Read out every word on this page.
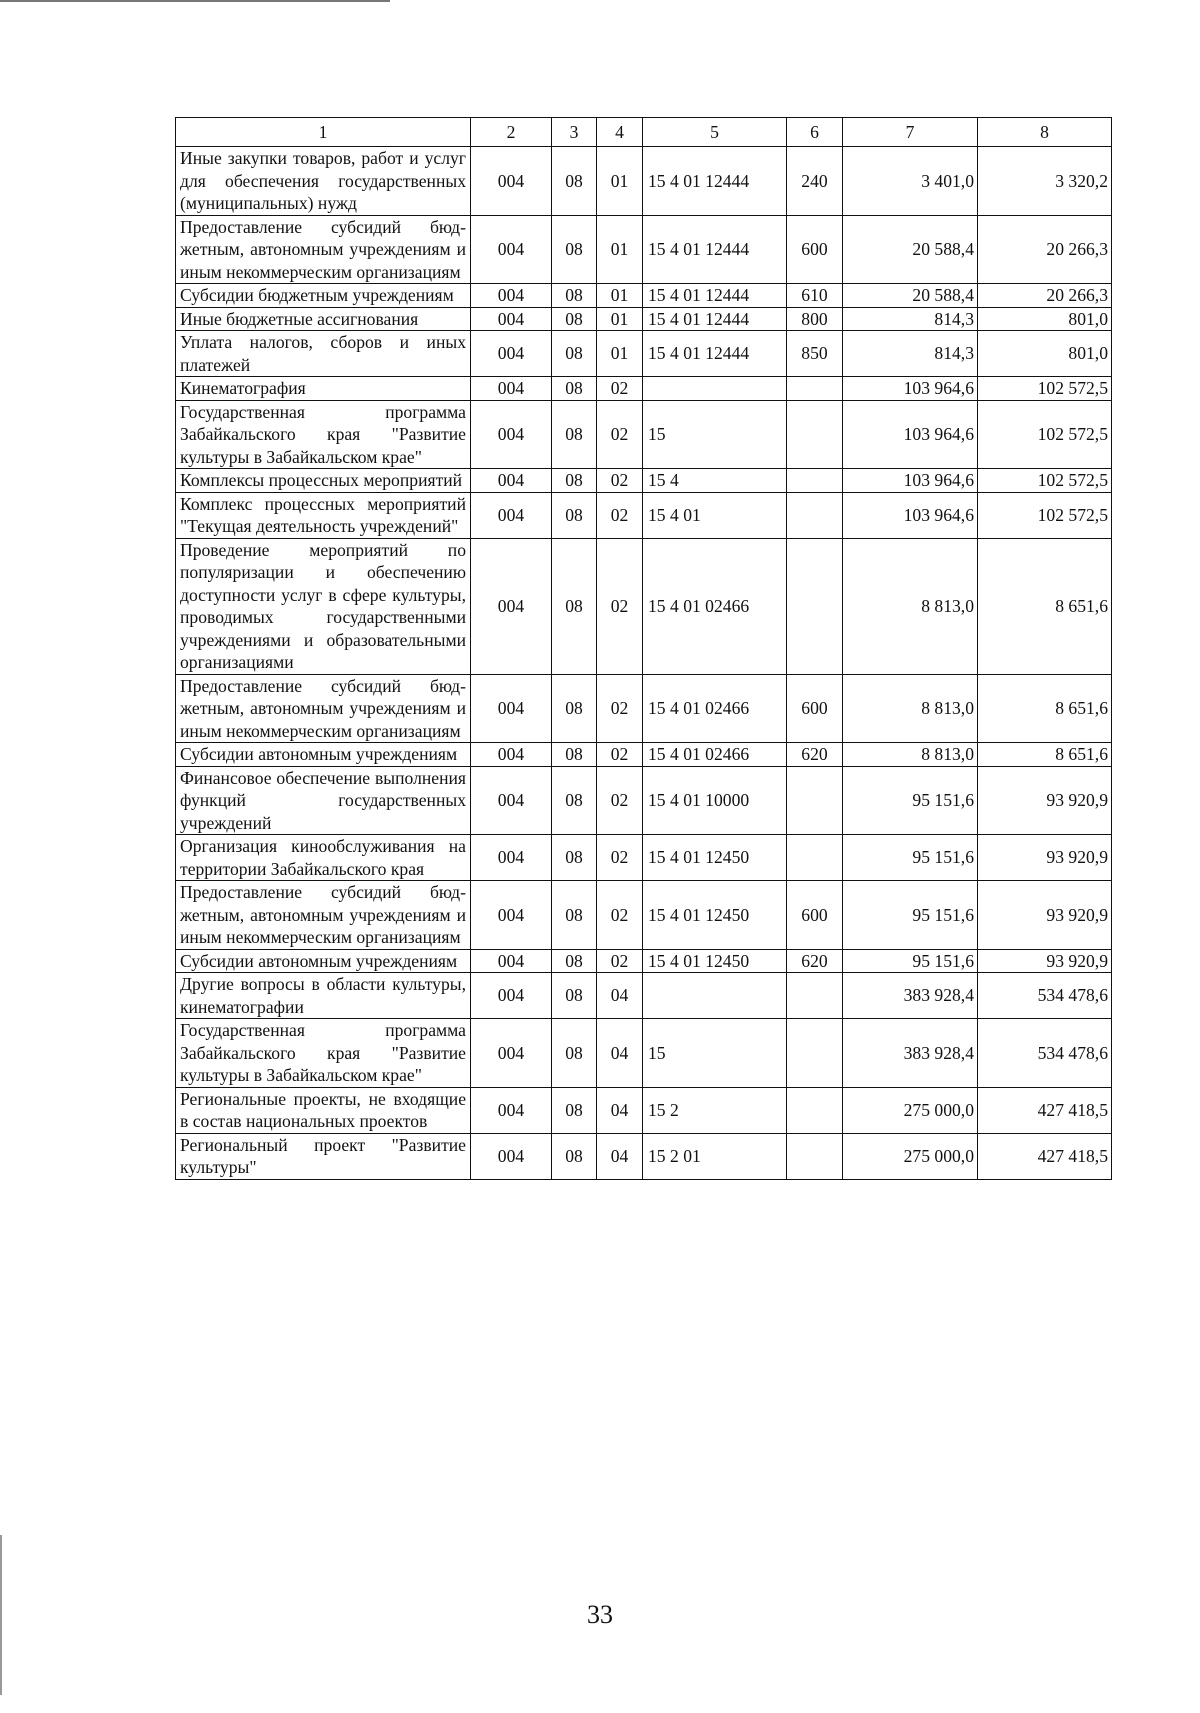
1	2	3	4	5	6	7	8
Иные закупки товаров, работ и услуг для обеспечения государственных (муниципальных) нужд	004	08	01	15 4 01 12444	240	3 401,0	3 320,2
Предоставление субсидий бюджетным, автономным учреждениям и иным некоммерческим организациям	004	08	01	15 4 01 12444	600	20 588,4	20 266,3
Субсидии бюджетным учреждениям	004	08	01	15 4 01 12444	610	20 588,4	20 266,3
Иные бюджетные ассигнования	004	08	01	15 4 01 12444	800	814,3	801,0
Уплата налогов, сборов и иных платежей	004	08	01	15 4 01 12444	850	814,3	801,0
Кинематография	004	08	02			103 964,6	102 572,5
Государственная программа Забайкальского края "Развитие культуры в Забайкальском крае"	004	08	02	15		103 964,6	102 572,5
Комплексы процессных мероприятий	004	08	02	15 4		103 964,6	102 572,5
Комплекс процессных мероприятий "Текущая деятельность учреждений"	004	08	02	15 4 01		103 964,6	102 572,5
Проведение мероприятий по популяризации и обеспечению доступности услуг в сфере культуры, проводимых государственными учреждениями и образовательными организациями	004	08	02	15 4 01 02466		8 813,0	8 651,6
Предоставление субсидий бюджетным, автономным учреждениям и иным некоммерческим организациям	004	08	02	15 4 01 02466	600	8 813,0	8 651,6
Субсидии автономным учреждениям	004	08	02	15 4 01 02466	620	8 813,0	8 651,6
Финансовое обеспечение выполнения функций государственных учреждений	004	08	02	15 4 01 10000		95 151,6	93 920,9
Организация кинообслуживания на территории Забайкальского края	004	08	02	15 4 01 12450		95 151,6	93 920,9
Предоставление субсидий бюджетным, автономным учреждениям и иным некоммерческим организациям	004	08	02	15 4 01 12450	600	95 151,6	93 920,9
Субсидии автономным учреждениям	004	08	02	15 4 01 12450	620	95 151,6	93 920,9
Другие вопросы в области культуры, кинематографии	004	08	04			383 928,4	534 478,6
Государственная программа Забайкальского края "Развитие культуры в Забайкальском крае"	004	08	04	15		383 928,4	534 478,6
Региональные проекты, не входящие в состав национальных проектов	004	08	04	15 2		275 000,0	427 418,5
Региональный проект "Развитие культуры"	004	08	04	15 2 01		275 000,0	427 418,5
33
